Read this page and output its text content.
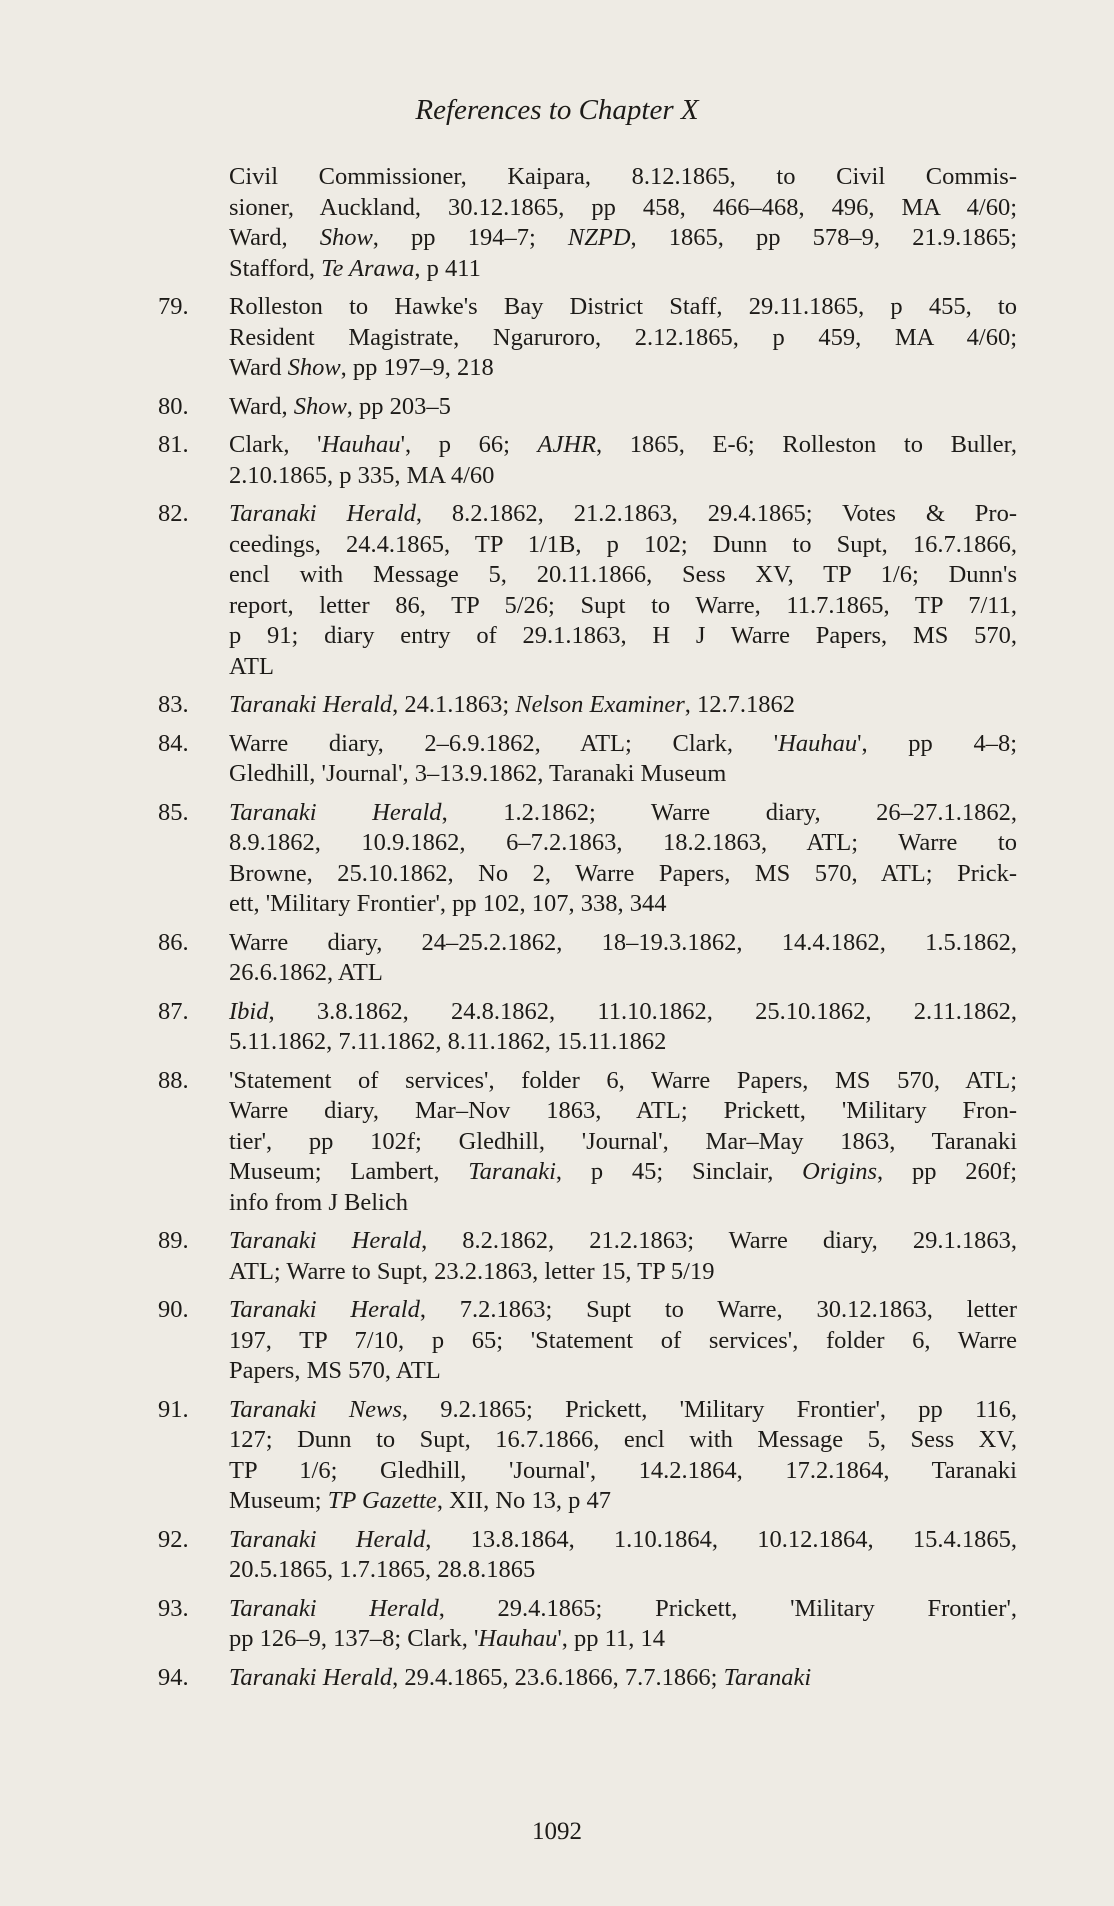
References to Chapter X
Civil Commissioner, Kaipara, 8.12.1865, to Civil Commis-
sioner, Auckland, 30.12.1865, pp 458, 466–468, 496, MA 4/60;
Ward, Show, pp 194–7; NZPD, 1865, pp 578–9, 21.9.1865;
Stafford, Te Arawa, p 411
79. Rolleston to Hawke's Bay District Staff, 29.11.1865, p 455, to
Resident Magistrate, Ngaruroro, 2.12.1865, p 459, MA 4/60;
Ward Show, pp 197–9, 218
80. Ward, Show, pp 203–5
81. Clark, 'Hauhau', p 66; AJHR, 1865, E-6; Rolleston to Buller,
2.10.1865, p 335, MA 4/60
82. Taranaki Herald, 8.2.1862, 21.2.1863, 29.4.1865; Votes & Pro-
ceedings, 24.4.1865, TP 1/1B, p 102; Dunn to Supt, 16.7.1866,
encl with Message 5, 20.11.1866, Sess XV, TP 1/6; Dunn's
report, letter 86, TP 5/26; Supt to Warre, 11.7.1865, TP 7/11,
p 91; diary entry of 29.1.1863, H J Warre Papers, MS 570,
ATL
83. Taranaki Herald, 24.1.1863; Nelson Examiner, 12.7.1862
84. Warre diary, 2–6.9.1862, ATL; Clark, 'Hauhau', pp 4–8;
Gledhill, 'Journal', 3–13.9.1862, Taranaki Museum
85. Taranaki Herald, 1.2.1862; Warre diary, 26–27.1.1862,
8.9.1862, 10.9.1862, 6–7.2.1863, 18.2.1863, ATL; Warre to
Browne, 25.10.1862, No 2, Warre Papers, MS 570, ATL; Prick-
ett, 'Military Frontier', pp 102, 107, 338, 344
86. Warre diary, 24–25.2.1862, 18–19.3.1862, 14.4.1862, 1.5.1862,
26.6.1862, ATL
87. Ibid, 3.8.1862, 24.8.1862, 11.10.1862, 25.10.1862, 2.11.1862,
5.11.1862, 7.11.1862, 8.11.1862, 15.11.1862
88. 'Statement of services', folder 6, Warre Papers, MS 570, ATL;
Warre diary, Mar–Nov 1863, ATL; Prickett, 'Military Fron-
tier', pp 102f; Gledhill, 'Journal', Mar–May 1863, Taranaki
Museum; Lambert, Taranaki, p 45; Sinclair, Origins, pp 260f;
info from J Belich
89. Taranaki Herald, 8.2.1862, 21.2.1863; Warre diary, 29.1.1863,
ATL; Warre to Supt, 23.2.1863, letter 15, TP 5/19
90. Taranaki Herald, 7.2.1863; Supt to Warre, 30.12.1863, letter
197, TP 7/10, p 65; 'Statement of services', folder 6, Warre
Papers, MS 570, ATL
91. Taranaki News, 9.2.1865; Prickett, 'Military Frontier', pp 116,
127; Dunn to Supt, 16.7.1866, encl with Message 5, Sess XV,
TP 1/6; Gledhill, 'Journal', 14.2.1864, 17.2.1864, Taranaki
Museum; TP Gazette, XII, No 13, p 47
92. Taranaki Herald, 13.8.1864, 1.10.1864, 10.12.1864, 15.4.1865,
20.5.1865, 1.7.1865, 28.8.1865
93. Taranaki Herald, 29.4.1865; Prickett, 'Military Frontier',
pp 126–9, 137–8; Clark, 'Hauhau', pp 11, 14
94. Taranaki Herald, 29.4.1865, 23.6.1866, 7.7.1866; Taranaki
1092
